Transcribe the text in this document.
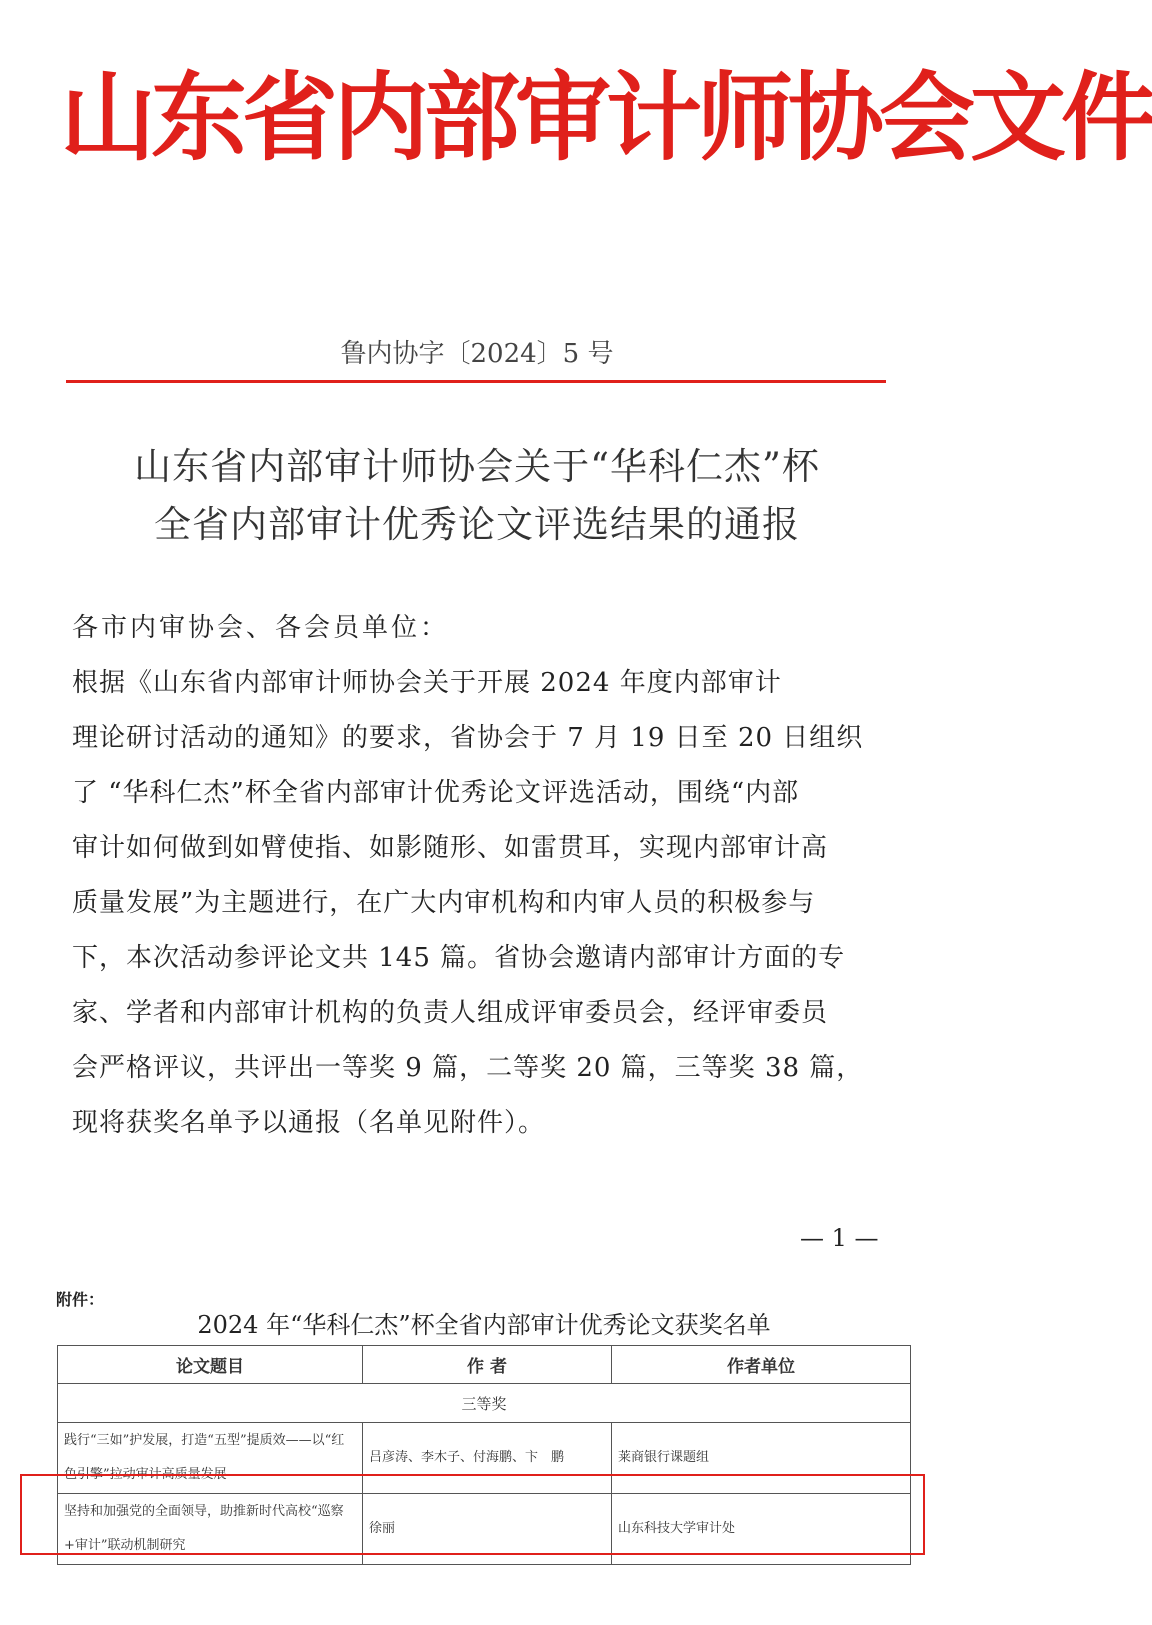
山东省内部审计师协会文件
鲁内协字〔2024〕5 号
山东省内部审计师协会关于“华科仁杰”杯
全省内部审计优秀论文评选结果的通报
各市内审协会、各会员单位：
根据《山东省内部审计师协会关于开展 2024 年度内部审计
理论研讨活动的通知》的要求，省协会于 7 月 19 日至 20 日组织
了 “华科仁杰”杯全省内部审计优秀论文评选活动，围绕“内部
审计如何做到如臂使指、如影随形、如雷贯耳，实现内部审计高
质量发展”为主题进行，在广大内审机构和内审人员的积极参与
下，本次活动参评论文共 145 篇。省协会邀请内部审计方面的专
家、学者和内部审计机构的负责人组成评审委员会，经评审委员
会严格评议，共评出一等奖 9 篇，二等奖 20 篇，三等奖 38 篇，
现将获奖名单予以通报（名单见附件）。
— 1 —
附件：
2024 年“华科仁杰”杯全省内部审计优秀论文获奖名单
论文题目	作 者	作者单位
三等奖		
践行“三如”护发展，打造“五型”提质效——以“红色引擎”拉动审计高质量发展	吕彦涛、李木子、付海鹏、卞　鹏	莱商银行课题组
坚持和加强党的全面领导，助推新时代高校“巡察+审计”联动机制研究	徐丽	山东科技大学审计处
